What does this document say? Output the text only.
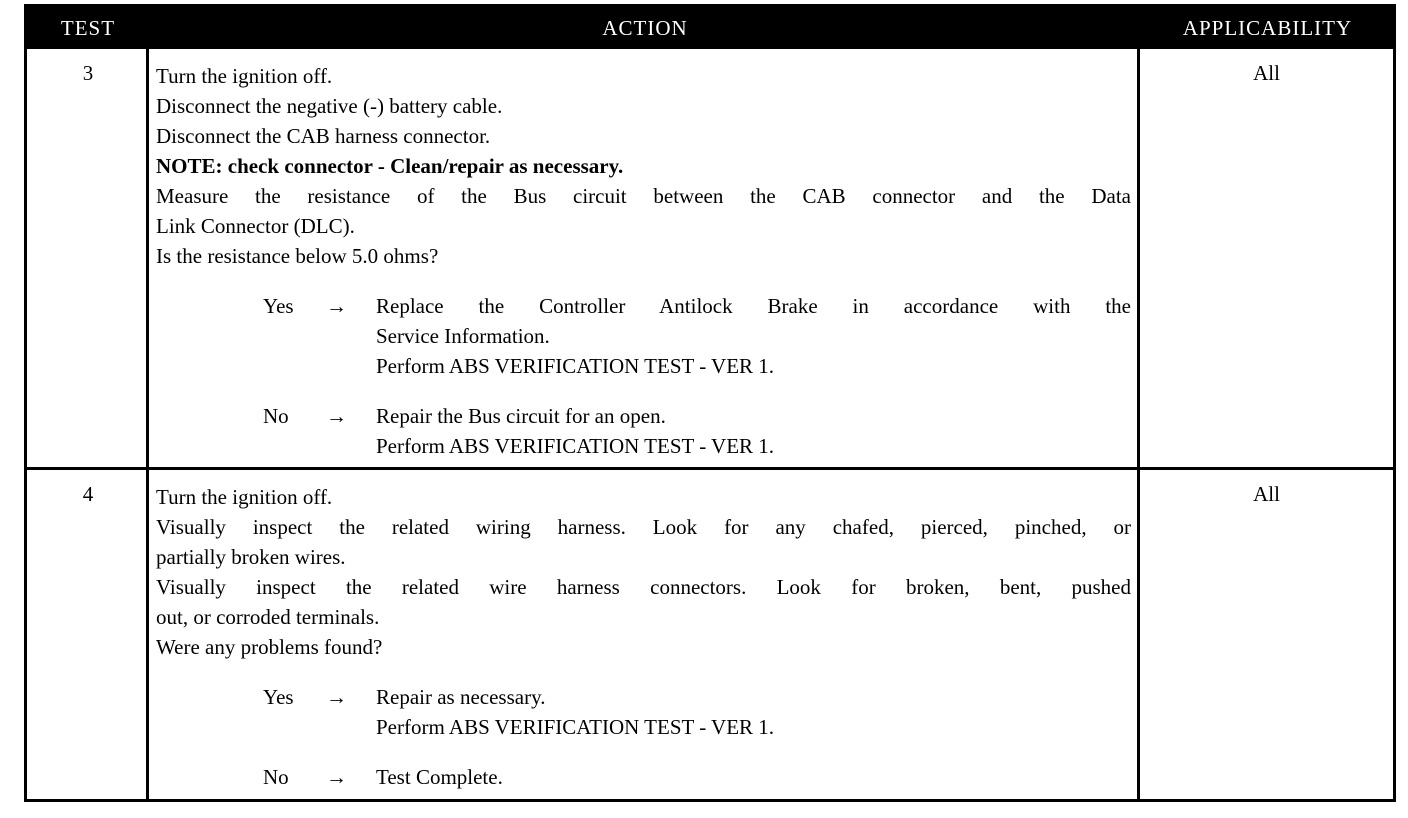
TEST	ACTION	APPLICABILITY
3	Turn the ignition off.
Disconnect the negative (-) battery cable.
Disconnect the CAB harness connector.
NOTE: check connector - Clean/repair as necessary.
Measure the resistance of the Bus circuit between the CAB connector and the Data
Link Connector (DLC).
Is the resistance below 5.0 ohms?
Yes	→	Replace the Controller Antilock Brake in accordance with the
Service Information.
Perform ABS VERIFICATION TEST - VER 1.
No	→	Repair the Bus circuit for an open.
Perform ABS VERIFICATION TEST - VER 1.
All
4	Turn the ignition off.
Visually inspect the related wiring harness. Look for any chafed, pierced, pinched, or
partially broken wires.
Visually inspect the related wire harness connectors. Look for broken, bent, pushed
out, or corroded terminals.
Were any problems found?
Yes	→	Repair as necessary.
Perform ABS VERIFICATION TEST - VER 1.
No	→	Test Complete.
All
